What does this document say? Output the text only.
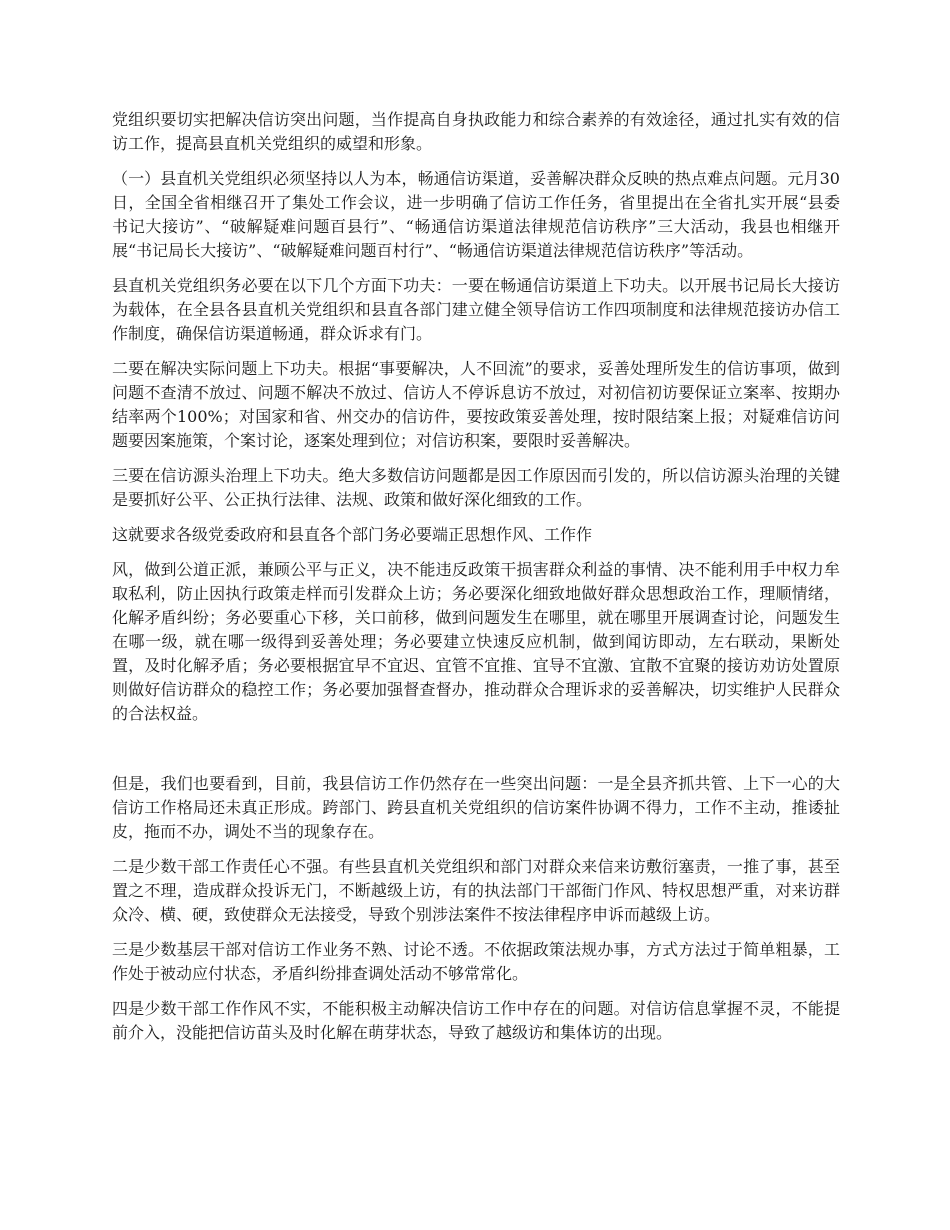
党组织要切实把解决信访突出问题，当作提高自身执政能力和综合素养的有效途径，通过扎实有效的信访工作，提高县直机关党组织的威望和形象。

（一）县直机关党组织必须坚持以人为本，畅通信访渠道，妥善解决群众反映的热点难点问题。元月30日，全国全省相继召开了集处工作会议，进一步明确了信访工作任务，省里提出在全省扎实开展“县委书记大接访”、“破解疑难问题百县行”、“畅通信访渠道法律规范信访秩序”三大活动，我县也相继开展“书记局长大接访”、“破解疑难问题百村行”、“畅通信访渠道法律规范信访秩序”等活动。

县直机关党组织务必要在以下几个方面下功夫：一要在畅通信访渠道上下功夫。以开展书记局长大接访为载体，在全县各县直机关党组织和县直各部门建立健全领导信访工作四项制度和法律规范接访办信工作制度，确保信访渠道畅通，群众诉求有门。

二要在解决实际问题上下功夫。根据“事要解决，人不回流”的要求，妥善处理所发生的信访事项，做到问题不查清不放过、问题不解决不放过、信访人不停诉息访不放过，对初信初访要保证立案率、按期办结率两个100%；对国家和省、州交办的信访件，要按政策妥善处理，按时限结案上报；对疑难信访问题要因案施策，个案讨论，逐案处理到位；对信访积案，要限时妥善解决。

三要在信访源头治理上下功夫。绝大多数信访问题都是因工作原因而引发的，所以信访源头治理的关键是要抓好公平、公正执行法律、法规、政策和做好深化细致的工作。

这就要求各级党委政府和县直各个部门务必要端正思想作风、工作作

风，做到公道正派，兼顾公平与正义，决不能违反政策干损害群众利益的事情、决不能利用手中权力牟取私利，防止因执行政策走样而引发群众上访；务必要深化细致地做好群众思想政治工作，理顺情绪，化解矛盾纠纷；务必要重心下移，关口前移，做到问题发生在哪里，就在哪里开展调查讨论，问题发生在哪一级，就在哪一级得到妥善处理；务必要建立快速反应机制，做到闻访即动，左右联动，果断处置，及时化解矛盾；务必要根据宜早不宜迟、宜管不宜推、宜导不宜激、宜散不宜聚的接访劝访处置原则做好信访群众的稳控工作；务必要加强督查督办，推动群众合理诉求的妥善解决，切实维护人民群众的合法权益。

但是，我们也要看到，目前，我县信访工作仍然存在一些突出问题：一是全县齐抓共管、上下一心的大信访工作格局还未真正形成。跨部门、跨县直机关党组织的信访案件协调不得力，工作不主动，推诿扯皮，拖而不办，调处不当的现象存在。

二是少数干部工作责任心不强。有些县直机关党组织和部门对群众来信来访敷衍塞责，一推了事，甚至置之不理，造成群众投诉无门，不断越级上访，有的执法部门干部衙门作风、特权思想严重，对来访群众冷、横、硬，致使群众无法接受，导致个别涉法案件不按法律程序申诉而越级上访。

三是少数基层干部对信访工作业务不熟、讨论不透。不依据政策法规办事，方式方法过于简单粗暴，工作处于被动应付状态，矛盾纠纷排查调处活动不够常常化。

四是少数干部工作作风不实，不能积极主动解决信访工作中存在的问题。对信访信息掌握不灵，不能提前介入，没能把信访苗头及时化解在萌芽状态，导致了越级访和集体访的出现。
